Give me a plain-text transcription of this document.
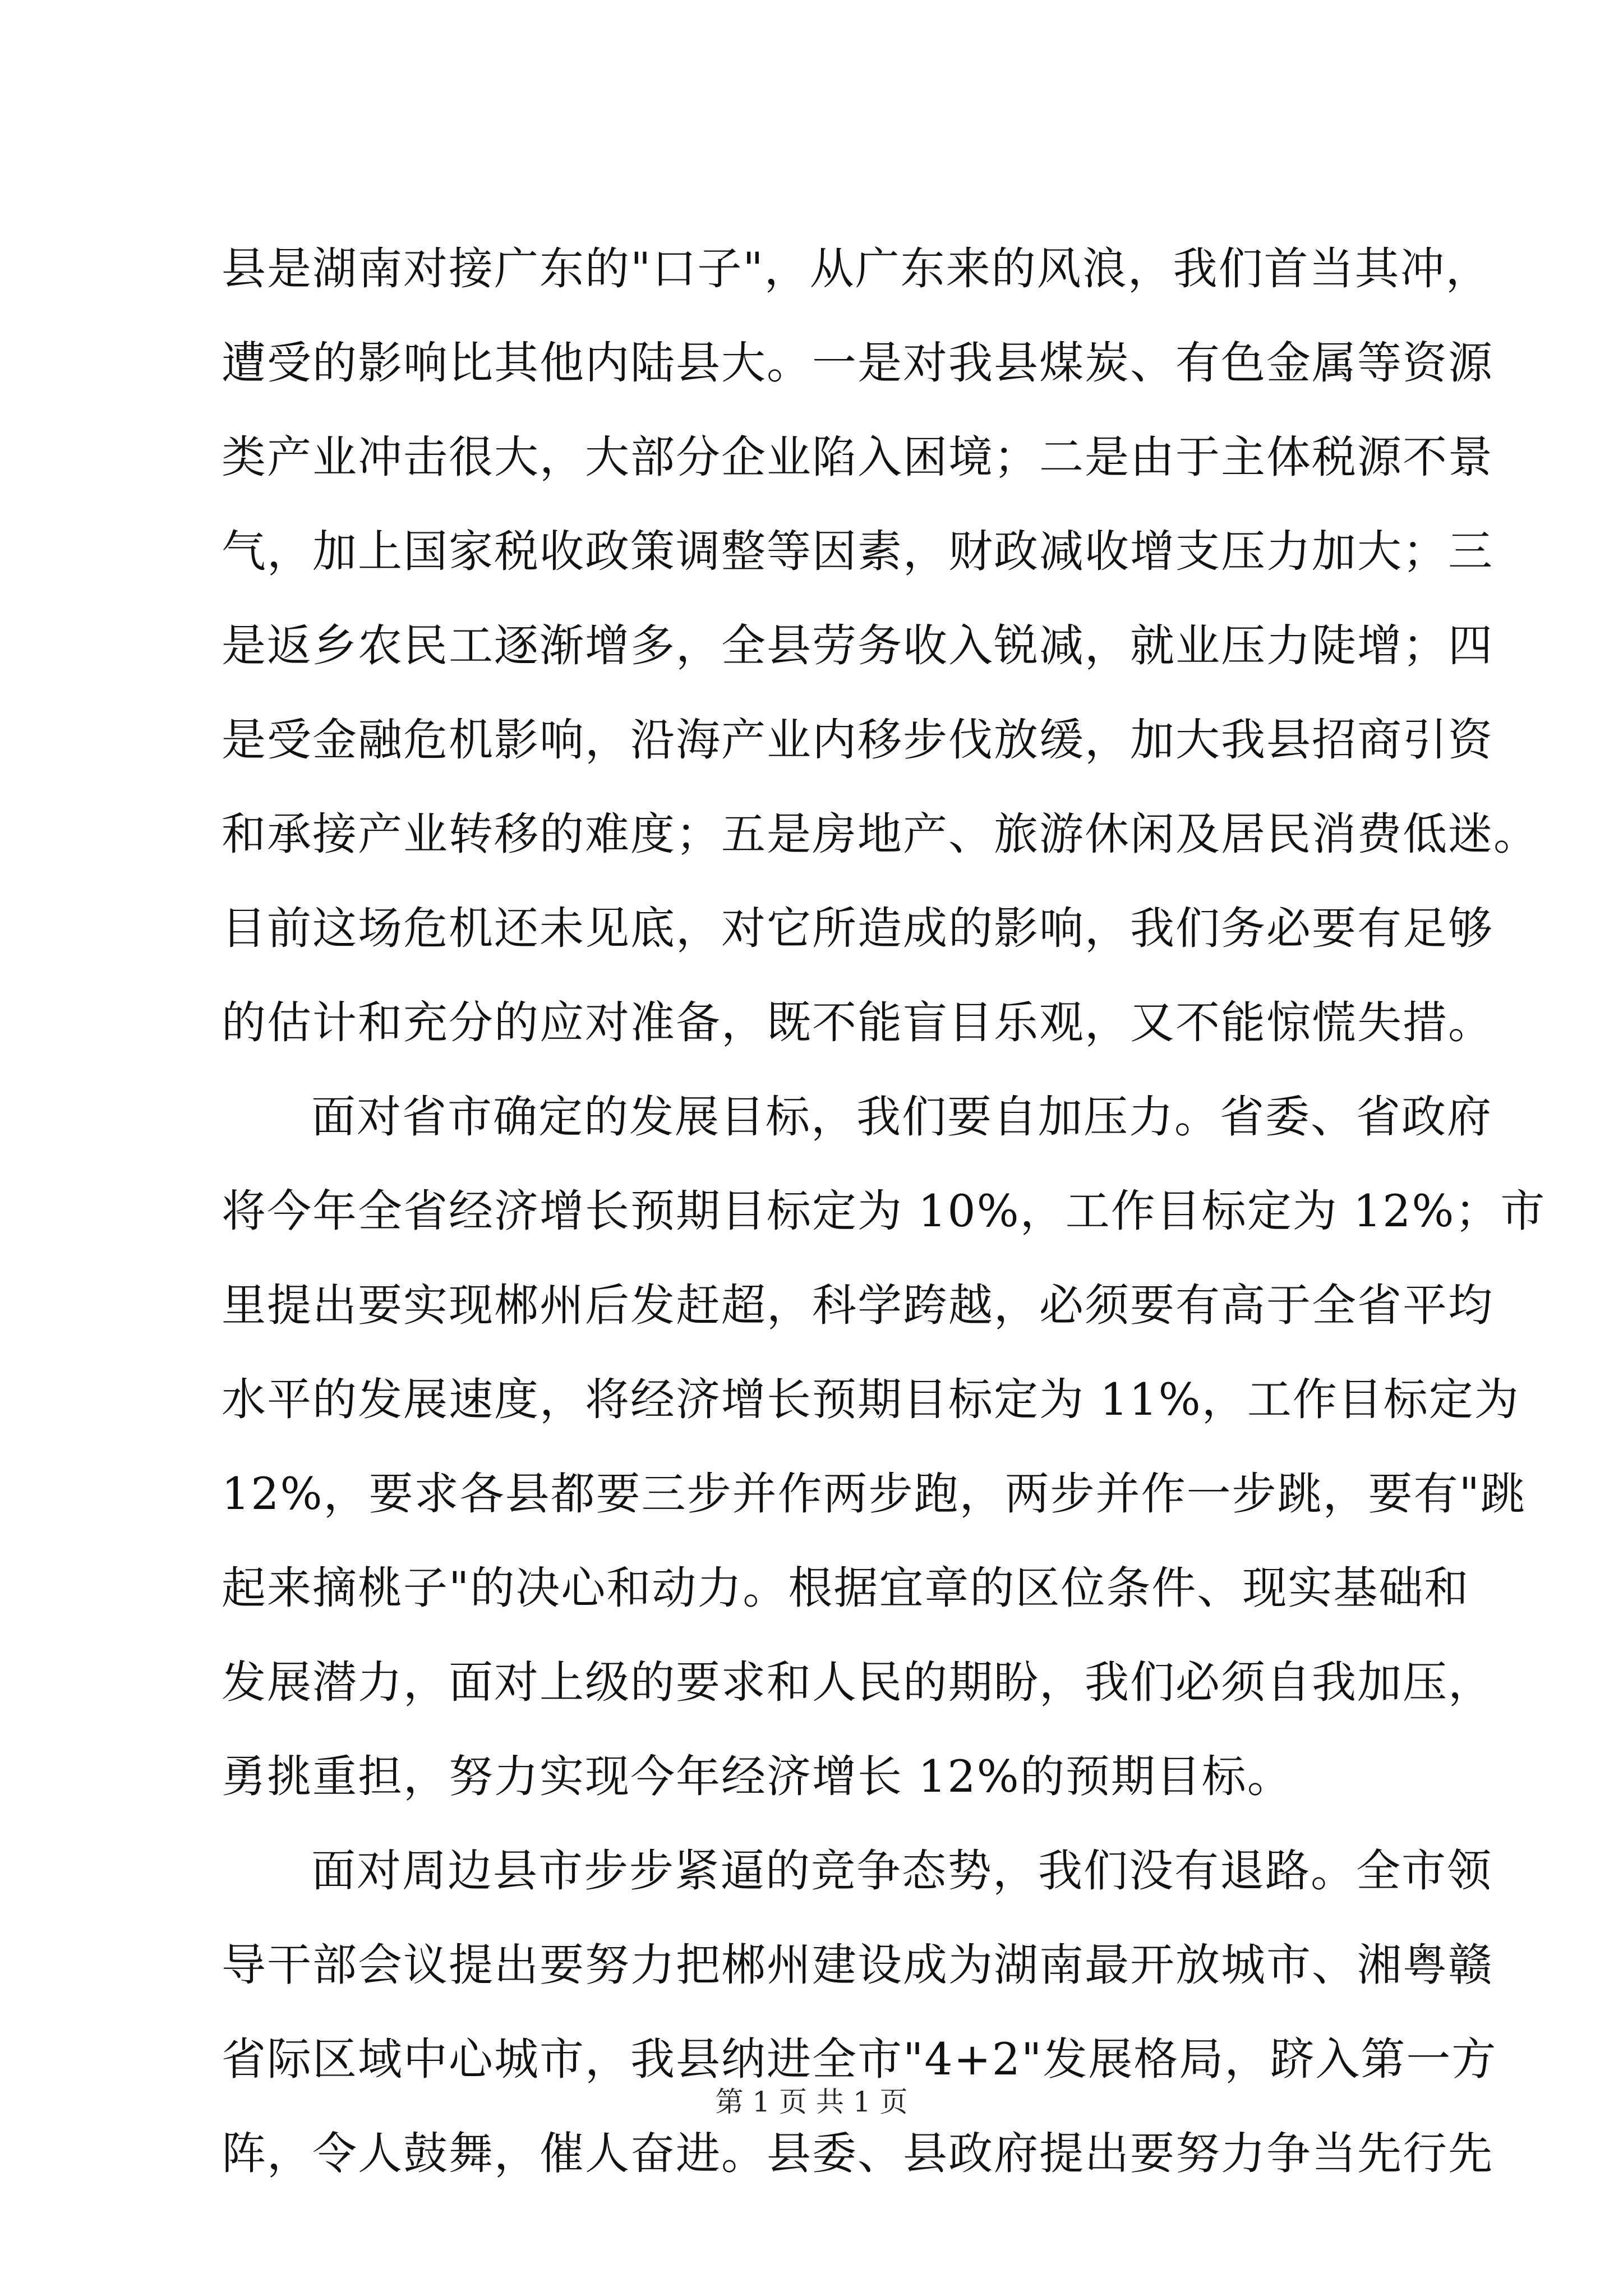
县是湖南对接广东的"口子"，从广东来的风浪，我们首当其冲，
遭受的影响比其他内陆县大。一是对我县煤炭、有色金属等资源
类产业冲击很大，大部分企业陷入困境；二是由于主体税源不景
气，加上国家税收政策调整等因素，财政减收增支压力加大；三
是返乡农民工逐渐增多，全县劳务收入锐减，就业压力陡增；四
是受金融危机影响，沿海产业内移步伐放缓，加大我县招商引资
和承接产业转移的难度；五是房地产、旅游休闲及居民消费低迷。
目前这场危机还未见底，对它所造成的影响，我们务必要有足够
的估计和充分的应对准备，既不能盲目乐观，又不能惊慌失措。
面对省市确定的发展目标，我们要自加压力。省委、省政府
将今年全省经济增长预期目标定为 10%，工作目标定为 12%；市
里提出要实现郴州后发赶超，科学跨越，必须要有高于全省平均
水平的发展速度，将经济增长预期目标定为 11%，工作目标定为
12%，要求各县都要三步并作两步跑，两步并作一步跳，要有"跳
起来摘桃子"的决心和动力。根据宜章的区位条件、现实基础和
发展潜力，面对上级的要求和人民的期盼，我们必须自我加压，
勇挑重担，努力实现今年经济增长 12%的预期目标。
面对周边县市步步紧逼的竞争态势，我们没有退路。全市领
导干部会议提出要努力把郴州建设成为湖南最开放城市、湘粤赣
省际区域中心城市，我县纳进全市"4+2"发展格局，跻入第一方
阵，令人鼓舞，催人奋进。县委、县政府提出要努力争当先行先
第 1 页 共 1 页
